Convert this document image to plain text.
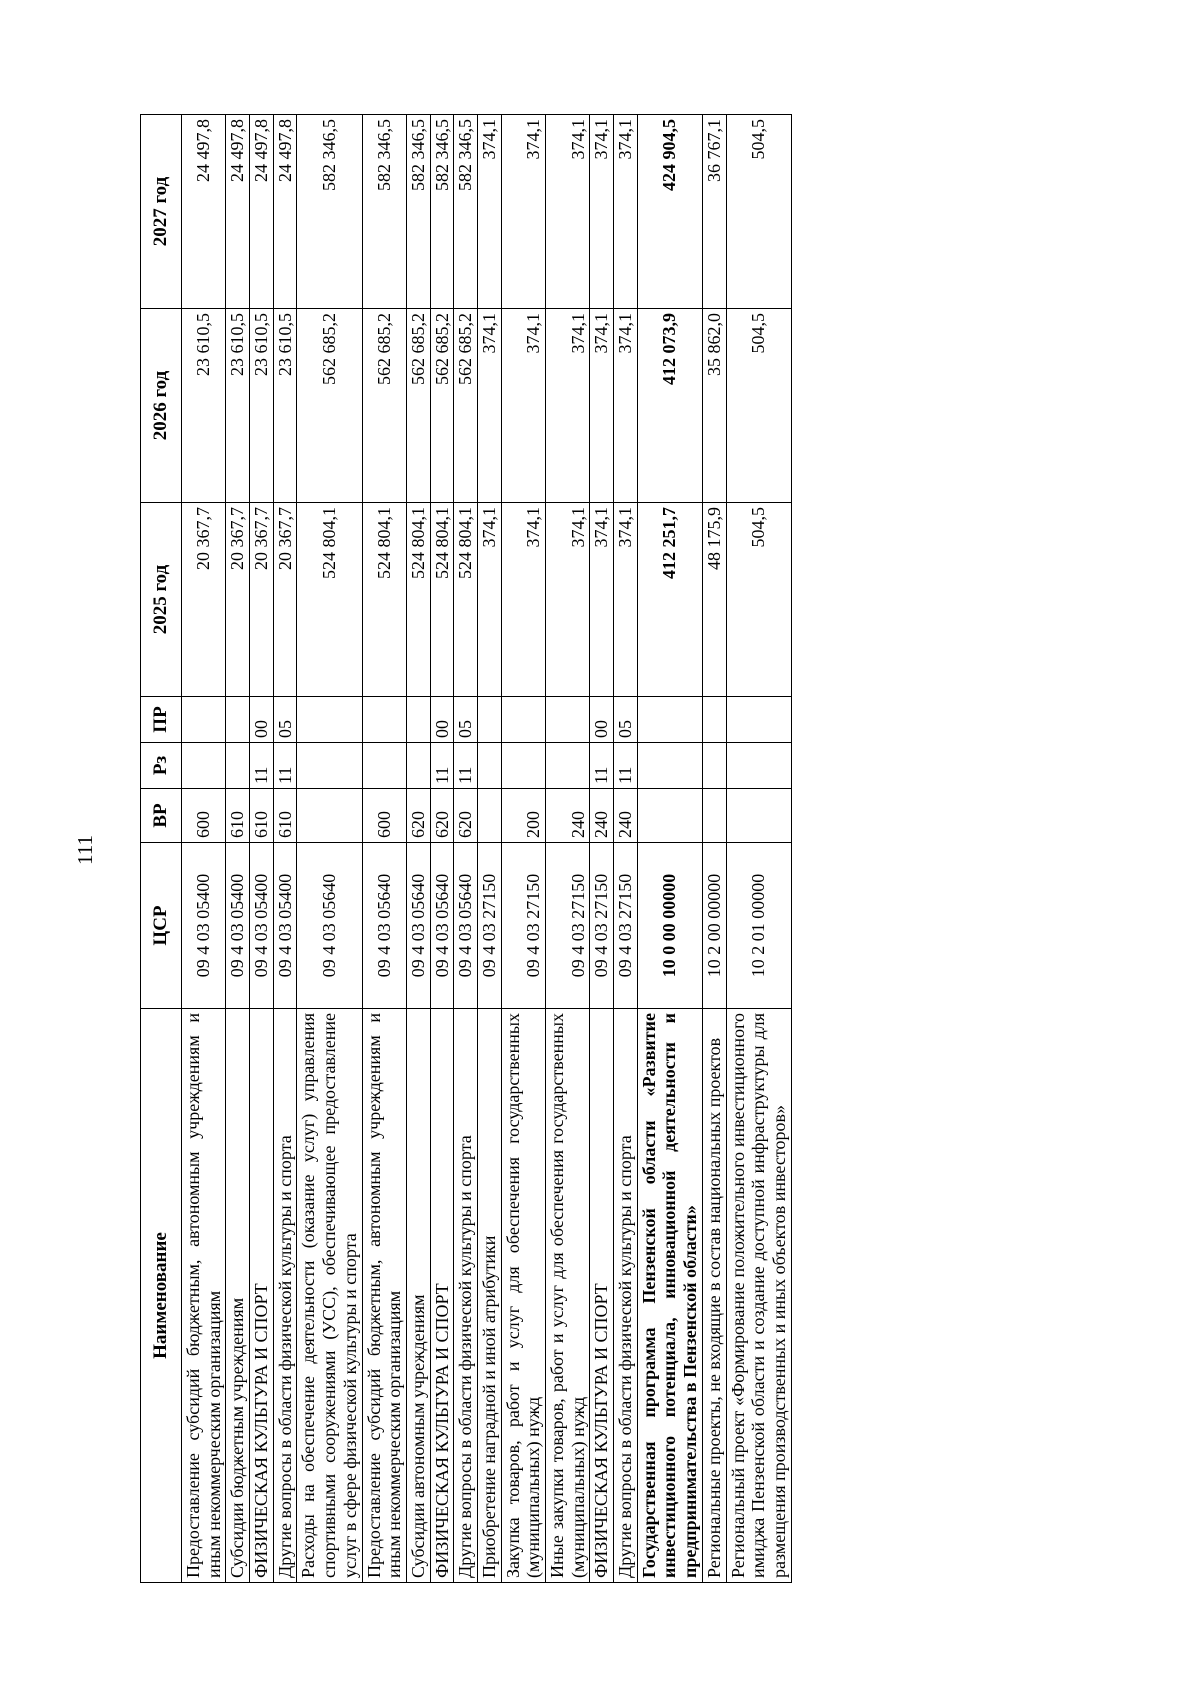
111
Наименование	ЦСР	ВР	Рз	ПР	2025 год	2026 год	2027 год
Предоставление субсидий бюджетным, автономным учреждениям и иным некоммерческим организациям	09 4 03 05400	600			20 367,7	23 610,5	24 497,8
Субсидии бюджетным учреждениям	09 4 03 05400	610			20 367,7	23 610,5	24 497,8
ФИЗИЧЕСКАЯ КУЛЬТУРА И СПОРТ	09 4 03 05400	610	11	00	20 367,7	23 610,5	24 497,8
Другие вопросы в области физической культуры и спорта	09 4 03 05400	610	11	05	20 367,7	23 610,5	24 497,8
Расходы на обеспечение деятельности (оказание услуг) управления спортивными сооружениями (УСС), обеспечивающее предоставление услуг в сфере физической культуры и спорта	09 4 03 05640				524 804,1	562 685,2	582 346,5
Предоставление субсидий бюджетным, автономным учреждениям и иным некоммерческим организациям	09 4 03 05640	600			524 804,1	562 685,2	582 346,5
Субсидии автономным учреждениям	09 4 03 05640	620			524 804,1	562 685,2	582 346,5
ФИЗИЧЕСКАЯ КУЛЬТУРА И СПОРТ	09 4 03 05640	620	11	00	524 804,1	562 685,2	582 346,5
Другие вопросы в области физической культуры и спорта	09 4 03 05640	620	11	05	524 804,1	562 685,2	582 346,5
Приобретение наградной и иной атрибутики	09 4 03 27150				374,1	374,1	374,1
Закупка товаров, работ и услуг для обеспечения государственных (муниципальных) нужд	09 4 03 27150	200			374,1	374,1	374,1
Иные закупки товаров, работ и услуг для обеспечения государственных (муниципальных) нужд	09 4 03 27150	240			374,1	374,1	374,1
ФИЗИЧЕСКАЯ КУЛЬТУРА И СПОРТ	09 4 03 27150	240	11	00	374,1	374,1	374,1
Другие вопросы в области физической культуры и спорта	09 4 03 27150	240	11	05	374,1	374,1	374,1
Государственная программа Пензенской области «Развитие инвестиционного потенциала, инновационной деятельности и предпринимательства в Пензенской области»	10 0 00 00000				412 251,7	412 073,9	424 904,5
Региональные проекты, не входящие в состав национальных проектов	10 2 00 00000				48 175,9	35 862,0	36 767,1
Региональный проект «Формирование положительного инвестиционного имиджа Пензенской области и создание доступной инфраструктуры для размещения производственных и иных объектов инвесторов»	10 2 01 00000				504,5	504,5	504,5
